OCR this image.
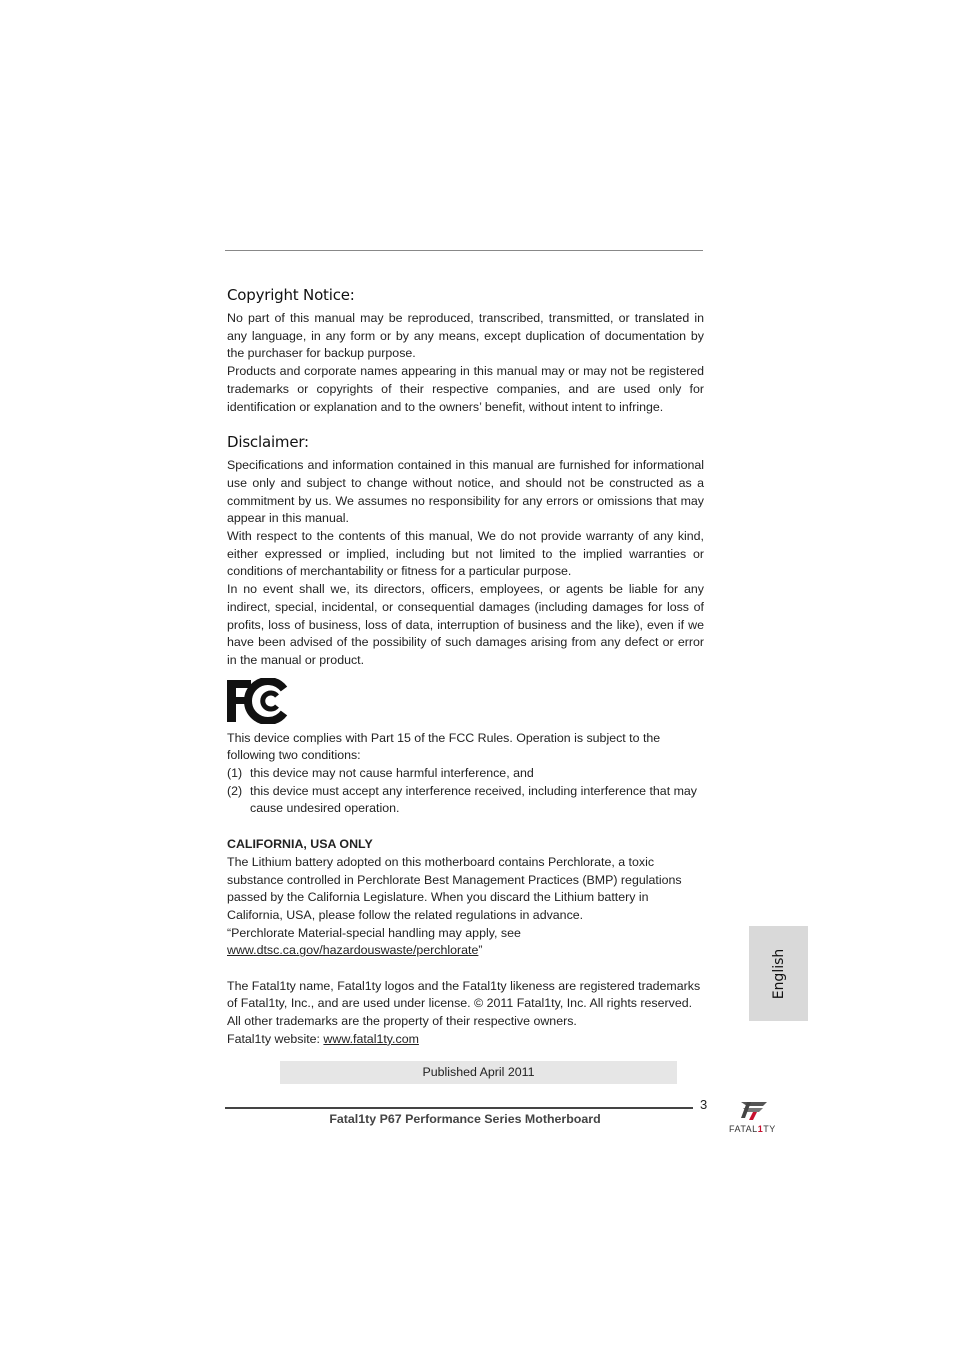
Copyright Notice:

No part of this manual may be reproduced, transcribed, transmitted, or translated in any language, in any form or by any means, except duplication of documentation by the purchaser for backup purpose.

Products and corporate names appearing in this manual may or may not be registered trademarks or copyrights of their respective companies, and are used only for identification or explanation and to the owners’ benefit, without intent to infringe.

Disclaimer:

Specifications and information contained in this manual are furnished for informational use only and subject to change without notice, and should not be constructed as a commitment by us. We assumes no responsibility for any errors or omissions that may appear in this manual.

With respect to the contents of this manual, We do not provide warranty of any kind, either expressed or implied, including but not limited to the implied warranties or conditions of merchantability or fitness for a particular purpose.

In no event shall we, its directors, officers, employees, or agents be liable for any indirect, special, incidental, or consequential damages (including damages for loss of profits, loss of business, loss of data, interruption of business and the like), even if we have been advised of the possibility of such damages arising from any defect or error in the manual or product.

This device complies with Part 15 of the FCC Rules. Operation is subject to the following two conditions:

(1) this device may not cause harmful interference, and
(2) this device must accept any interference received, including interference that may cause undesired operation.
CALIFORNIA, USA ONLY

The Lithium battery adopted on this motherboard contains Perchlorate, a toxic substance controlled in Perchlorate Best Management Practices (BMP) regulations passed by the California Legislature. When you discard the Lithium battery in California, USA, please follow the related regulations in advance.

“Perchlorate Material-special handling may apply, see

www.dtsc.ca.gov/hazardouswaste/perchlorate”

The Fatal1ty name, Fatal1ty logos and the Fatal1ty likeness are registered trademarks of Fatal1ty, Inc., and are used under license. © 2011 Fatal1ty, Inc. All rights reserved. All other trademarks are the property of their respective owners.

Fatal1ty website: www.fatal1ty.com

Published April 2011
3
Fatal1ty P67 Performance Series Motherboard
English
FATAL1TY
